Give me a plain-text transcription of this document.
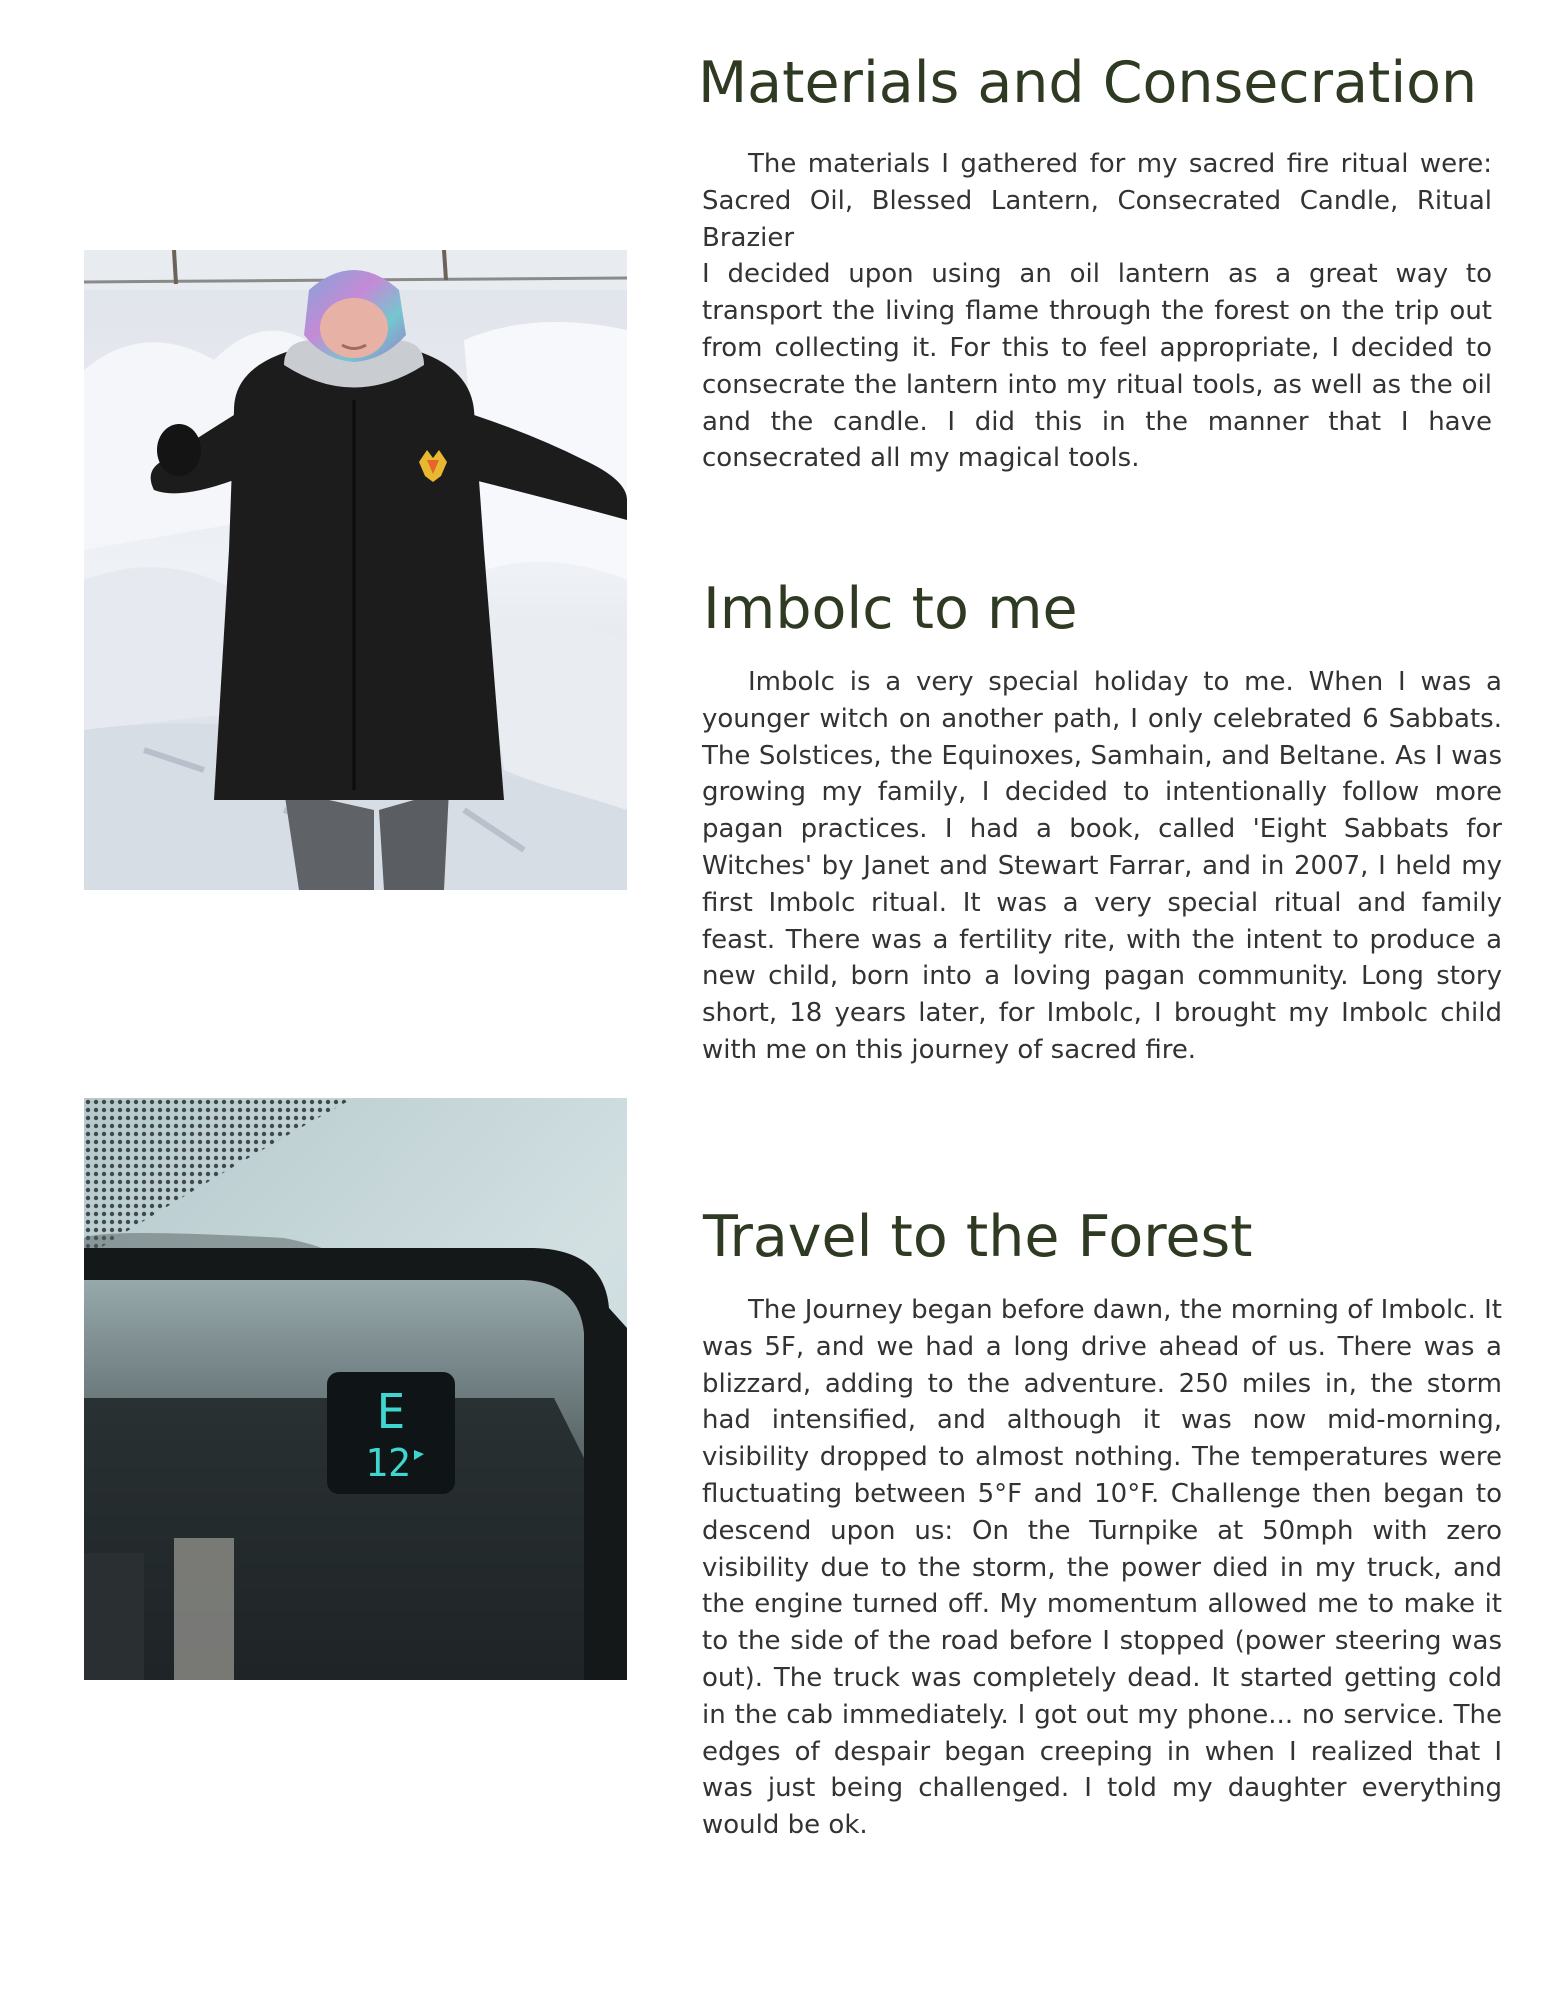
Materials and Consecration

The materials I gathered for my sacred fire ritual were: Sacred Oil, Blessed Lantern, Consecrated Candle, Ritual Brazier

I decided upon using an oil lantern as a great way to transport the living flame through the forest on the trip out from collecting it. For this to feel appropriate, I decided to consecrate the lantern into my ritual tools, as well as the oil and the candle. I did this in the manner that I have consecrated all my magical tools.

Imbolc to me

Imbolc is a very special holiday to me. When I was a younger witch on another path, I only celebrated 6 Sabbats. The Solstices, the Equinoxes, Samhain, and Beltane. As I was growing my family, I decided to intentionally follow more pagan practices. I had a book, called 'Eight Sabbats for Witches' by Janet and Stewart Farrar, and in 2007, I held my first Imbolc ritual. It was a very special ritual and family feast. There was a fertility rite, with the intent to produce a new child, born into a loving pagan community. Long story short, 18 years later, for Imbolc, I brought my Imbolc child with me on this journey of sacred fire.

Travel to the Forest

The Journey began before dawn, the morning of Imbolc. It was 5F, and we had a long drive ahead of us. There was a blizzard, adding to the adventure. 250 miles in, the storm had intensified, and although it was now mid-morning, visibility dropped to almost nothing. The temperatures were fluctuating between 5°F and 10°F. Challenge then began to descend upon us: On the Turnpike at 50mph with zero visibility due to the storm, the power died in my truck, and the engine turned off. My momentum allowed me to make it to the side of the road before I stopped (power steering was out). The truck was completely dead. It started getting cold in the cab immediately. I got out my phone... no service. The edges of despair began creeping in when I realized that I was just being challenged. I told my daughter everything would be ok.

E
12
